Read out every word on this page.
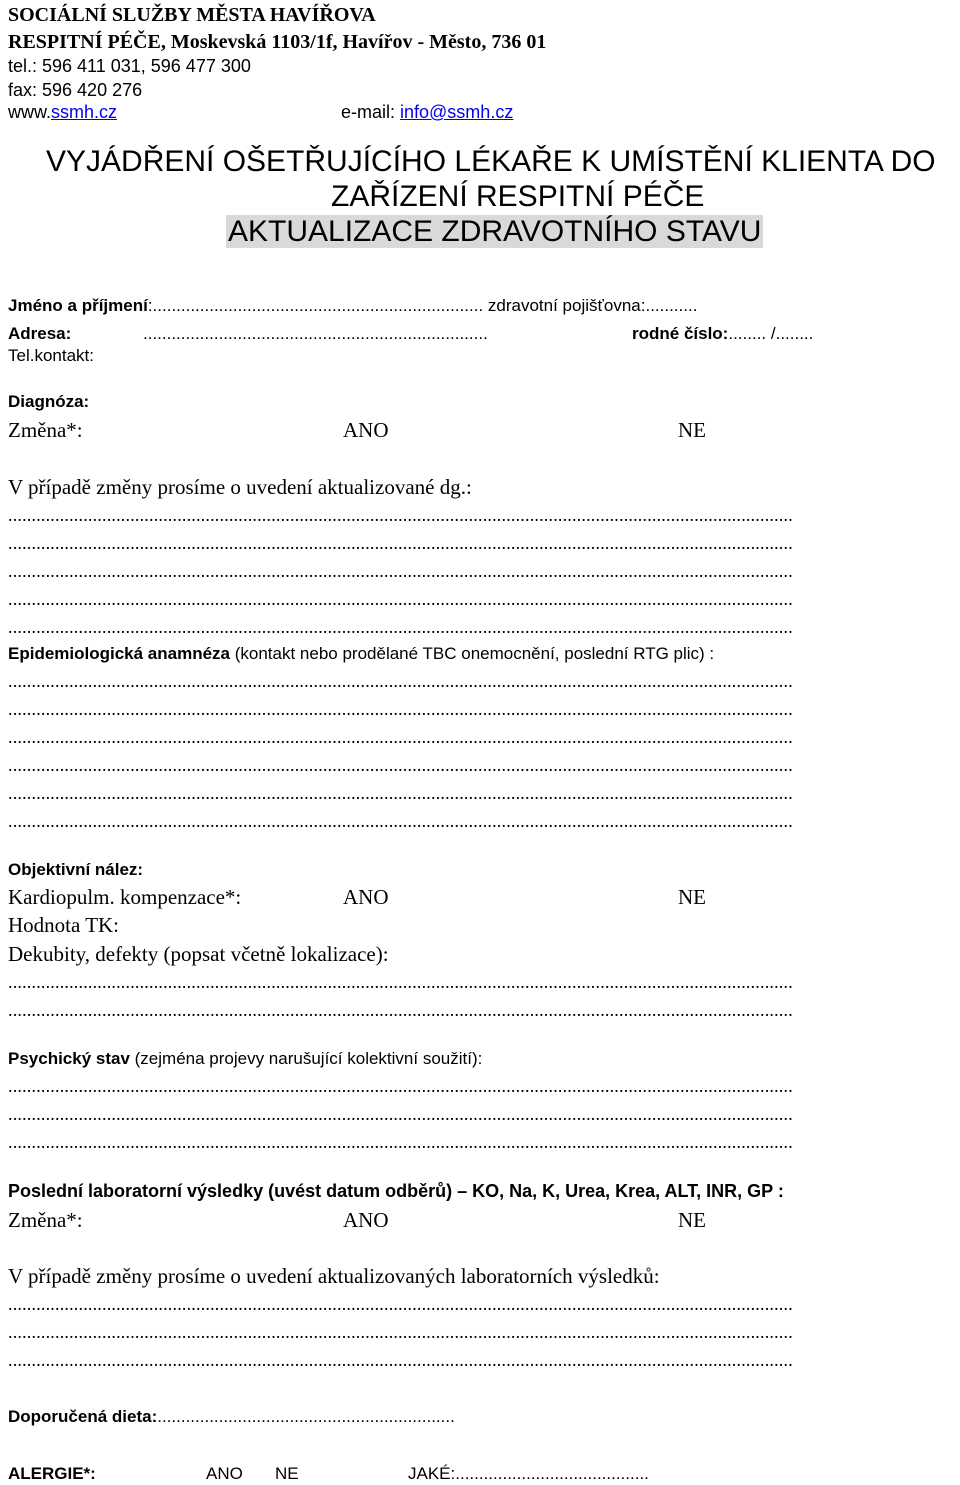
SOCIÁLNÍ SLUŽBY MĚSTA HAVÍŘOVA
RESPITNÍ PÉČE, Moskevská 1103/1f, Havířov - Město, 736 01
tel.: 596 411 031, 596 477 300
fax: 596 420 276
www.ssmh.cz	e-mail: info@ssmh.cz
VYJÁDŘENÍ OŠETŘUJÍCÍHO LÉKAŘE K UMÍSTĚNÍ KLIENTA DO
ZAŘÍZENÍ RESPITNÍ PÉČE
AKTUALIZACE ZDRAVOTNÍHO STAVU
Jméno a příjmení:...................................................................... zdravotní pojišťovna:...........
Adresa:	.........................................................................	rodné číslo:........ /........
Tel.kontakt:
Diagnóza:
Změna*:	ANO	NE
V případě změny prosíme o uvedení aktualizované dg.:
.......................................................................................................................................................................
.......................................................................................................................................................................
.......................................................................................................................................................................
.......................................................................................................................................................................
.......................................................................................................................................................................
Epidemiologická anamnéza (kontakt nebo prodělané TBC onemocnění, poslední RTG plic) :
.......................................................................................................................................................................
.......................................................................................................................................................................
.......................................................................................................................................................................
.......................................................................................................................................................................
.......................................................................................................................................................................
.......................................................................................................................................................................
Objektivní nález:
Kardiopulm. kompenzace*:	ANO	NE
Hodnota TK:
Dekubity, defekty (popsat včetně lokalizace):
.......................................................................................................................................................................
.......................................................................................................................................................................
Psychický stav (zejména projevy narušující kolektivní soužití):
.......................................................................................................................................................................
.......................................................................................................................................................................
.......................................................................................................................................................................
Poslední laboratorní výsledky (uvést datum odběrů) – KO, Na, K, Urea, Krea, ALT, INR, GP :
Změna*:	ANO	NE
V případě změny prosíme o uvedení aktualizovaných laboratorních výsledků:
.......................................................................................................................................................................
.......................................................................................................................................................................
.......................................................................................................................................................................
Doporučená dieta:...............................................................
ALERGIE*:	ANO NE	JAKÉ:.........................................
